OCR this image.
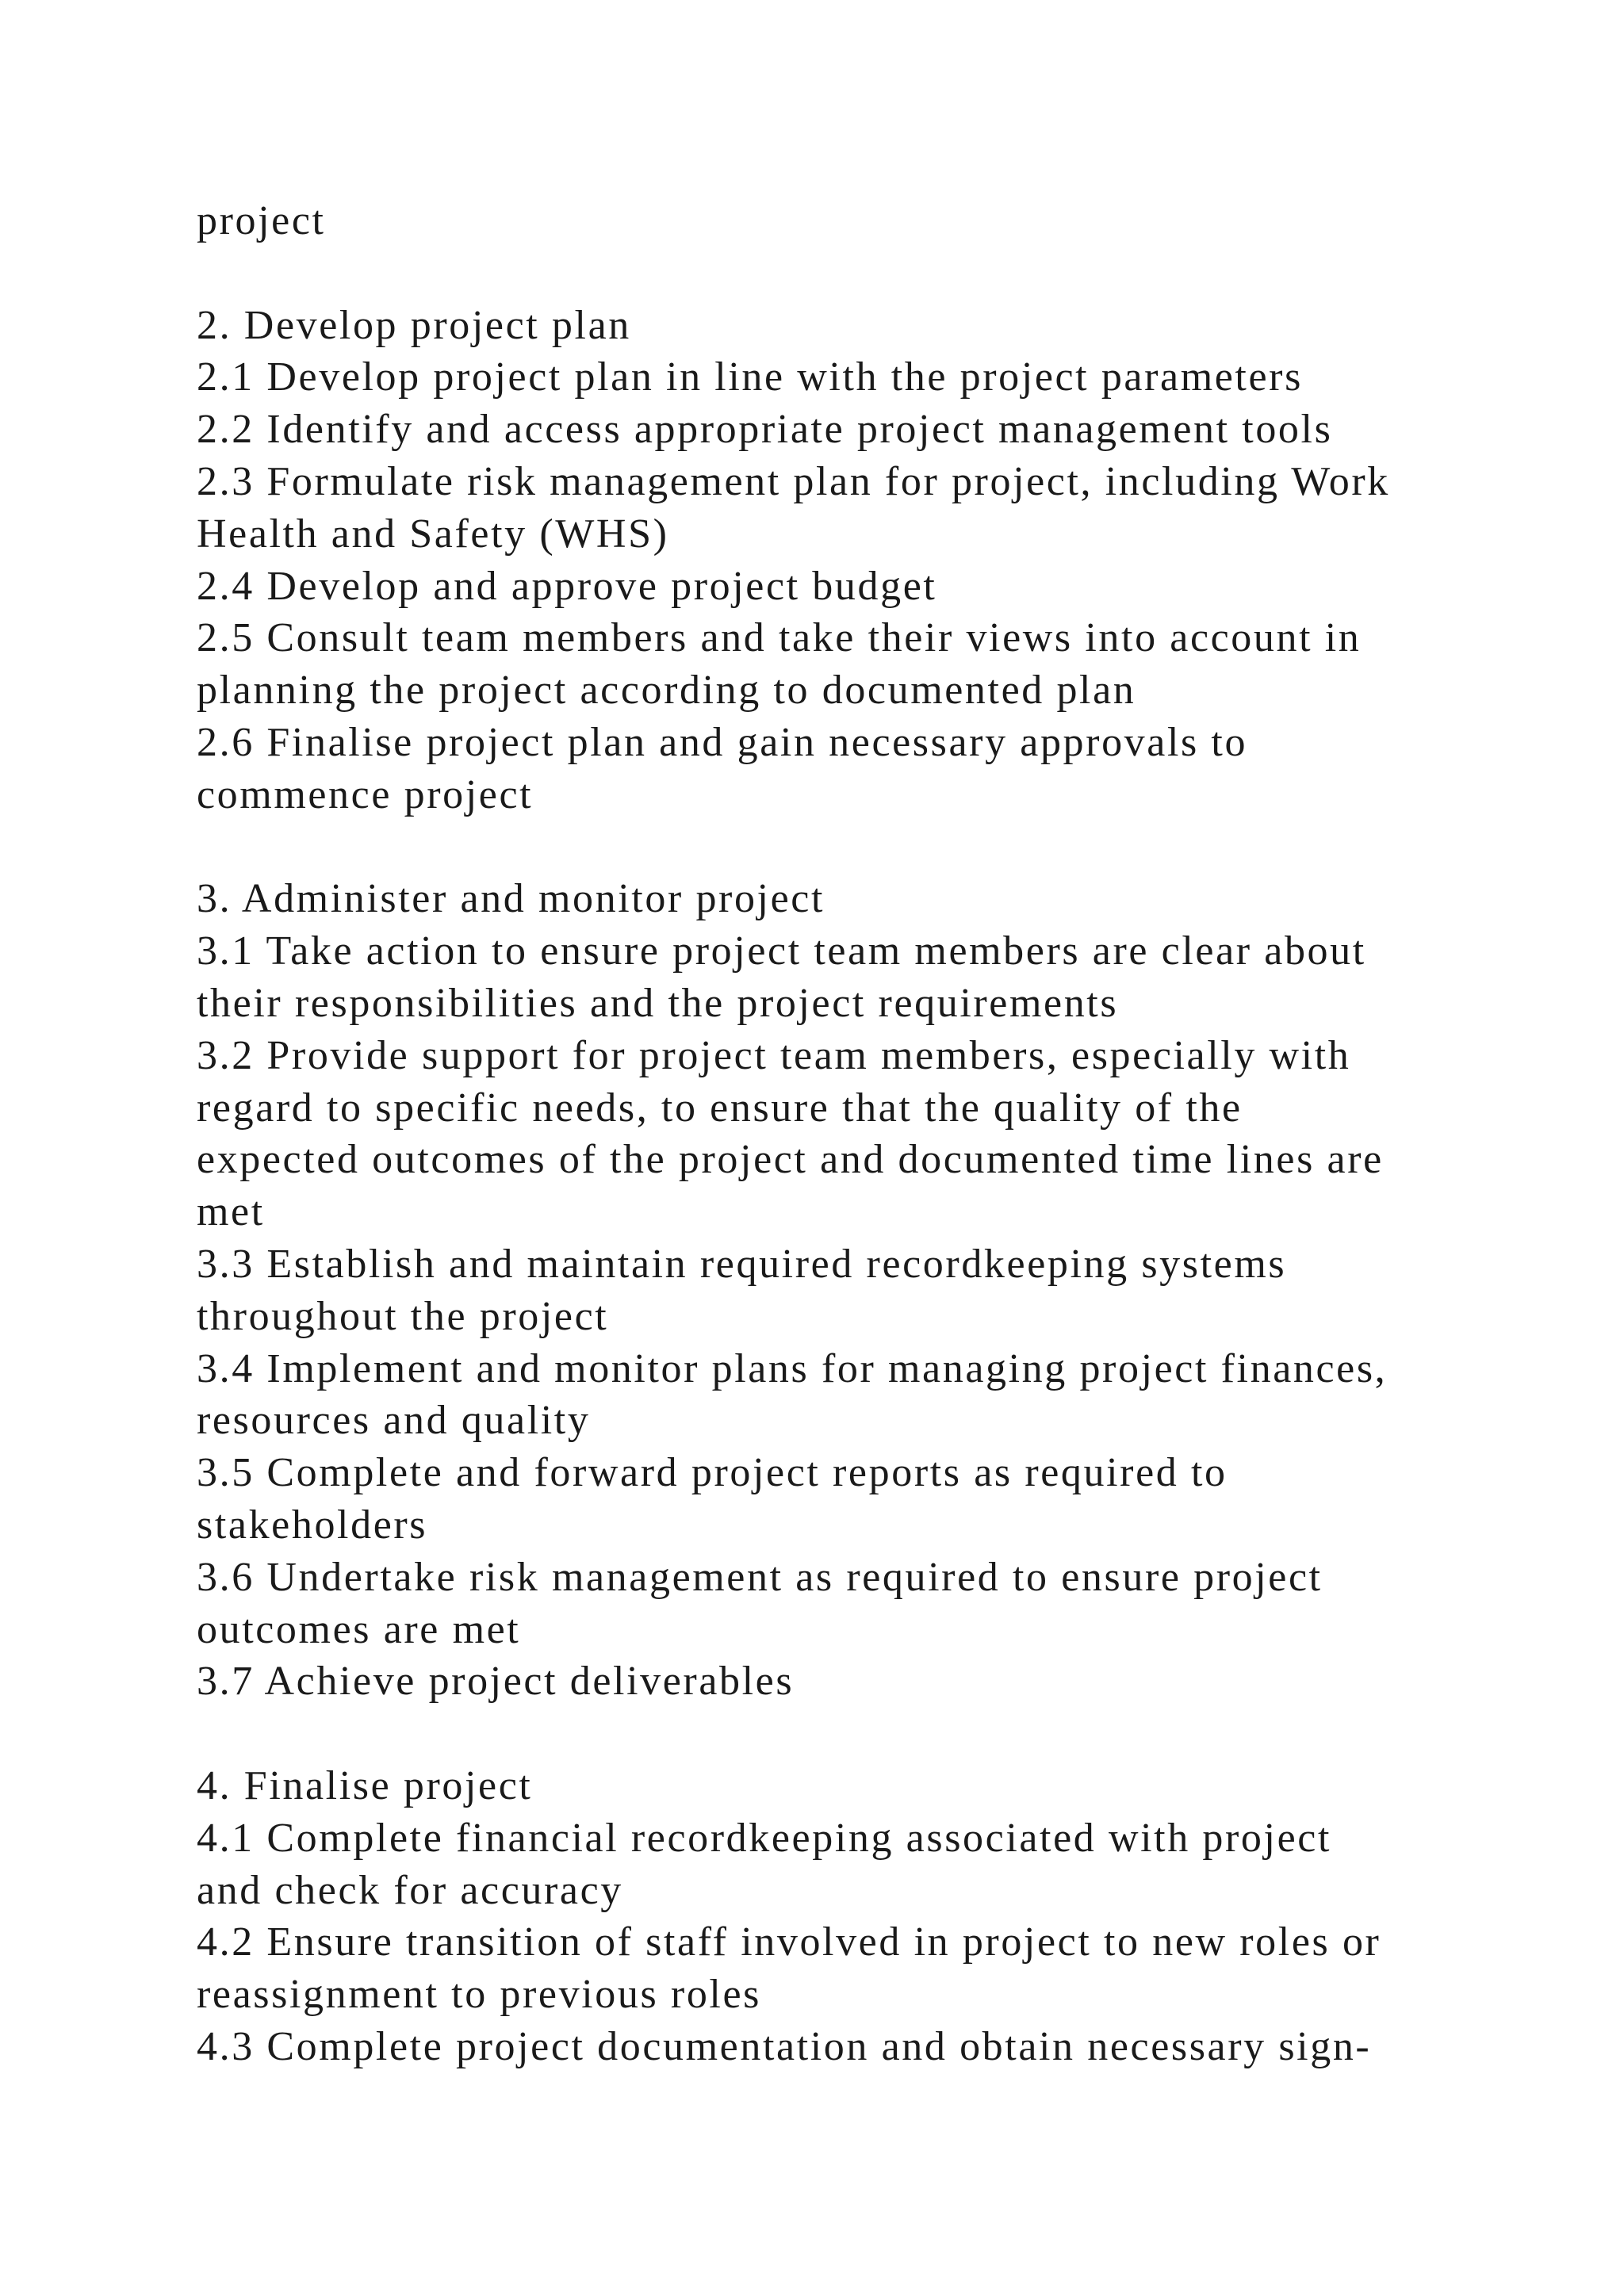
project
2. Develop project plan
2.1 Develop project plan in line with the project parameters
2.2 Identify and access appropriate project management tools
2.3 Formulate risk management plan for project, including Work
Health and Safety (WHS)
2.4 Develop and approve project budget
2.5 Consult team members and take their views into account in
planning the project according to documented plan
2.6 Finalise project plan and gain necessary approvals to
commence project
3. Administer and monitor project
3.1 Take action to ensure project team members are clear about
their responsibilities and the project requirements
3.2 Provide support for project team members, especially with
regard to specific needs, to ensure that the quality of the
expected outcomes of the project and documented time lines are
met
3.3 Establish and maintain required recordkeeping systems
throughout the project
3.4 Implement and monitor plans for managing project finances,
resources and quality
3.5 Complete and forward project reports as required to
stakeholders
3.6 Undertake risk management as required to ensure project
outcomes are met
3.7 Achieve project deliverables
4. Finalise project
4.1 Complete financial recordkeeping associated with project
and check for accuracy
4.2 Ensure transition of staff involved in project to new roles or
reassignment to previous roles
4.3 Complete project documentation and obtain necessary sign-
